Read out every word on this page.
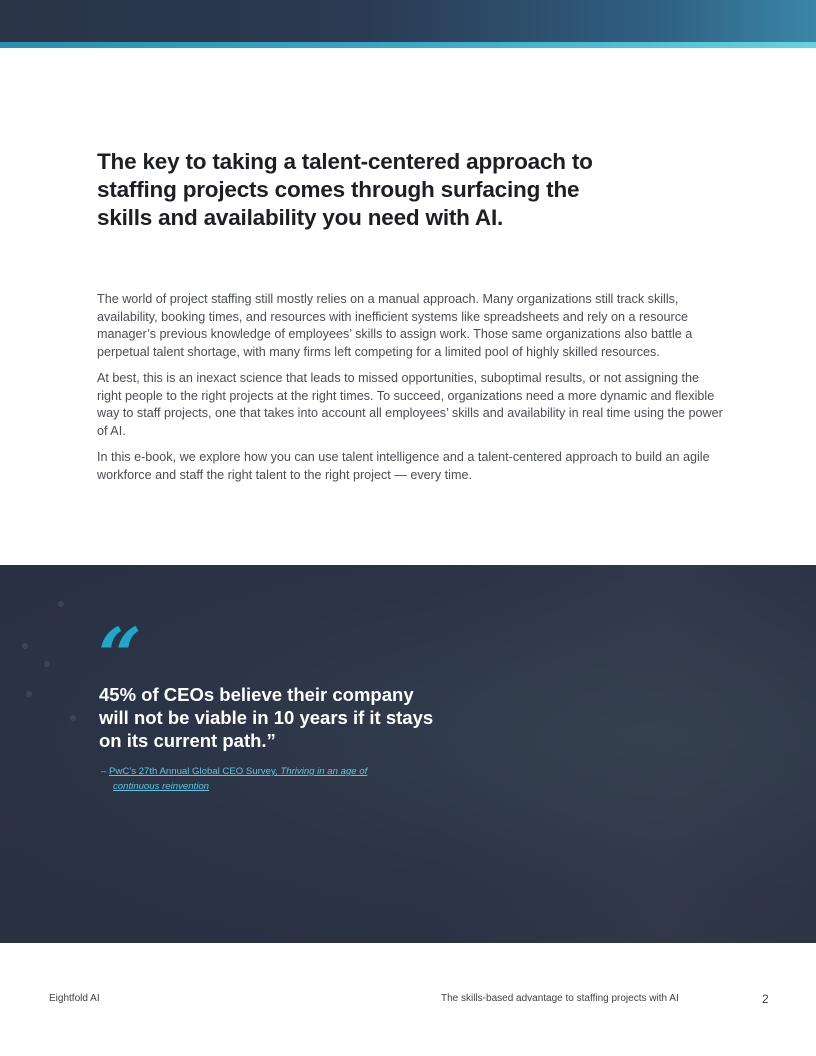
The key to taking a talent-centered approach to staffing projects comes through surfacing the skills and availability you need with AI.

The world of project staffing still mostly relies on a manual approach. Many organizations still track skills, availability, booking times, and resources with inefficient systems like spreadsheets and rely on a resource manager’s previous knowledge of employees’ skills to assign work. Those same organizations also battle a perpetual talent shortage, with many firms left competing for a limited pool of highly skilled resources.

At best, this is an inexact science that leads to missed opportunities, suboptimal results, or not assigning the right people to the right projects at the right times. To succeed, organizations need a more dynamic and flexible way to staff projects, one that takes into account all employees’ skills and availability in real time using the power of AI.

In this e-book, we explore how you can use talent intelligence and a talent-centered approach to build an agile workforce and staff the right talent to the right project — every time.

“

45% of CEOs believe their company will not be viable in 10 years if it stays on its current path.”

– PwC’s 27th Annual Global CEO Survey, Thriving in an age of
continuous reinvention
Eightfold AI	The skills-based advantage to staffing projects with AI	2
